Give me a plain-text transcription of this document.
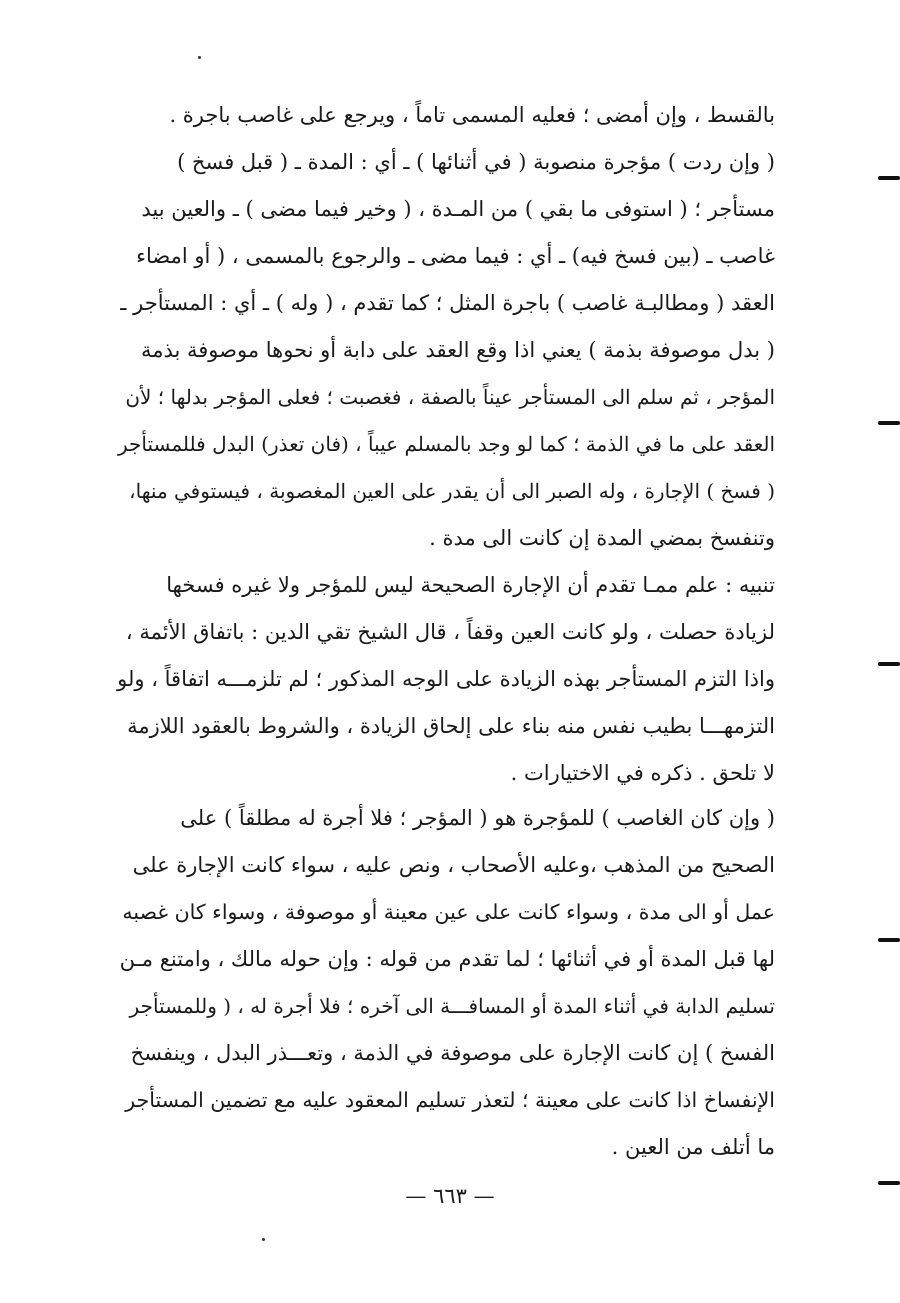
بالقسط ، وإن أمضى ؛ فعليه المسمى تاماً ، ويرجع على غاصب باجرة .
( وإن ردت ) مؤجرة منصوبة ( في أثنائها ) ـ أي : المدة ـ ( قبل فسخ )
مستأجر ؛ ( استوفى ما بقي ) من المـدة ، ( وخير فيما مضى ) ـ والعين بيد
غاصب ـ (بين فسخ فيه) ـ أي : فيما مضى ـ والرجوع بالمسمى ، ( أو امضاء
العقد ( ومطالبـة غاصب ) باجرة المثل ؛ كما تقدم ، ( وله ) ـ أي : المستأجر ـ
( بدل موصوفة بذمة ) يعني اذا وقع العقد على دابة أو نحوها موصوفة بذمة
المؤجر ، ثم سلم الى المستأجر عيناً بالصفة ، فغصبت ؛ فعلى المؤجر بدلها ؛ لأن
العقد على ما في الذمة ؛ كما لو وجد بالمسلم عيباً ، (فان تعذر) البدل فللمستأجر
( فسخ ) الإجارة ، وله الصبر الى أن يقدر على العين المغصوبة ، فيستوفي منها،
وتنفسخ بمضي المدة إن كانت الى مدة .
تنبيه : علم ممـا تقدم أن الإجارة الصحيحة ليس للمؤجر ولا غيره فسخها
لزيادة حصلت ، ولو كانت العين وقفاً ، قال الشيخ تقي الدين : باتفاق الأئمة ،
واذا التزم المستأجر بهذه الزيادة على الوجه المذكور ؛ لم تلزمـــه اتفاقاً ، ولو
التزمهـــا بطيب نفس منه بناء على إلحاق الزيادة ، والشروط بالعقود اللازمة
لا تلحق . ذكره في الاختيارات .
( وإن كان الغاصب ) للمؤجرة هو ( المؤجر ؛ فلا أجرة له مطلقاً ) على
الصحيح من المذهب ،وعليه الأصحاب ، ونص عليه ، سواء كانت الإجارة على
عمل أو الى مدة ، وسواء كانت على عين معينة أو موصوفة ، وسواء كان غصبه
لها قبل المدة أو في أثنائها ؛ لما تقدم من قوله : وإن حوله مالك ، وامتنع مـن
تسليم الدابة في أثناء المدة أو المسافـــة الى آخره ؛ فلا أجرة له ، ( وللمستأجر
الفسخ ) إن كانت الإجارة على موصوفة في الذمة ، وتعـــذر البدل ، وينفسخ
الإنفساخ اذا كانت على معينة ؛ لتعذر تسليم المعقود عليه مع تضمين المستأجر
ما أتلف من العين .
— ٦٦٣ —
